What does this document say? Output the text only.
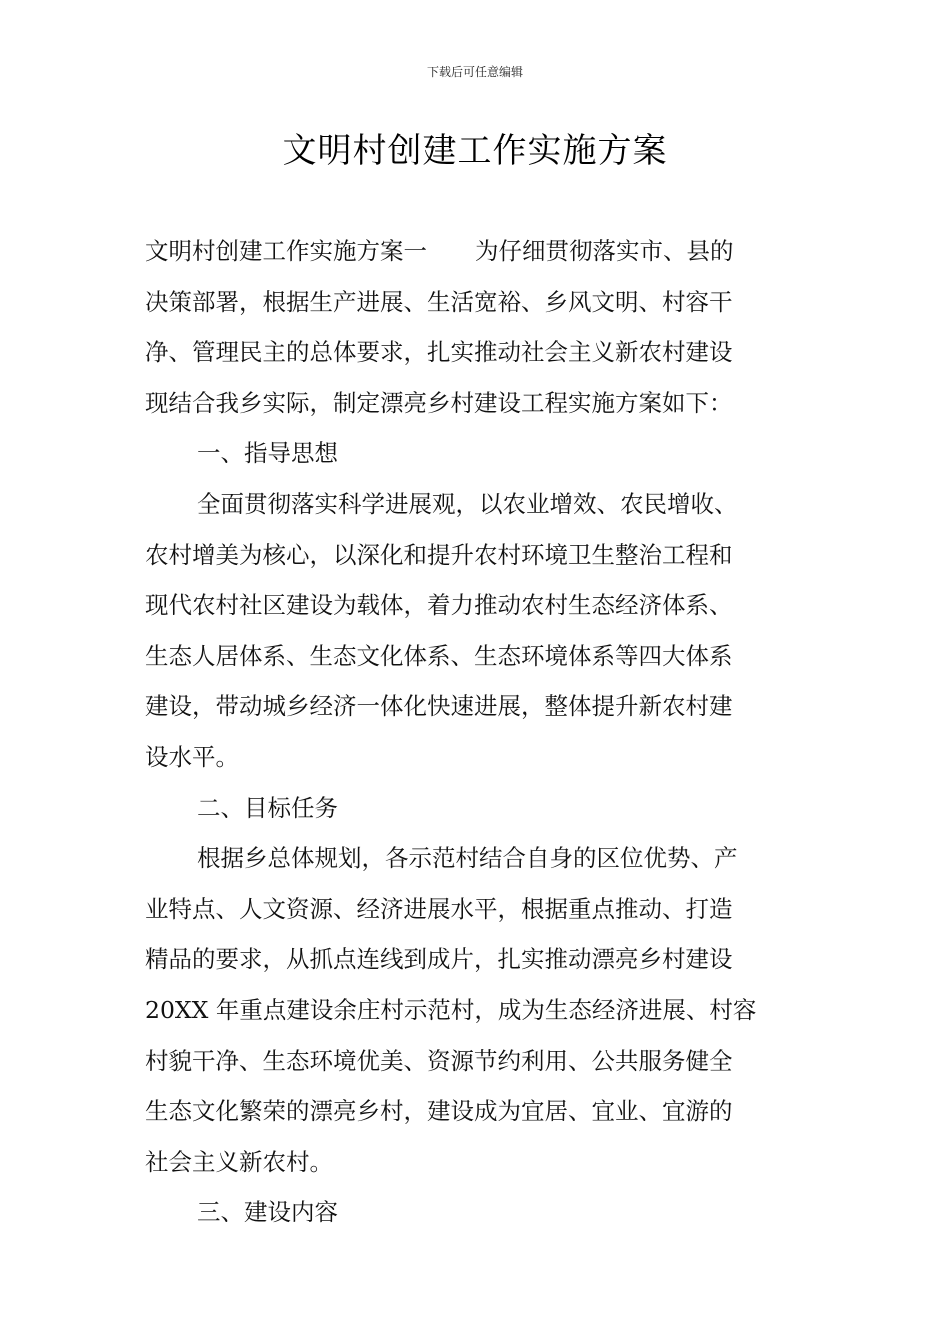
下载后可任意编辑
文明村创建工作实施方案
文明村创建工作实施方案一 为仔细贯彻落实市、县的
决策部署，根据生产进展、生活宽裕、乡风文明、村容干
净、管理民主的总体要求，扎实推动社会主义新农村建设
现结合我乡实际，制定漂亮乡村建设工程实施方案如下：
一、指导思想
全面贯彻落实科学进展观，以农业增效、农民增收、
农村增美为核心，以深化和提升农村环境卫生整治工程和
现代农村社区建设为载体，着力推动农村生态经济体系、
生态人居体系、生态文化体系、生态环境体系等四大体系
建设，带动城乡经济一体化快速进展，整体提升新农村建
设水平。
二、目标任务
根据乡总体规划，各示范村结合自身的区位优势、产
业特点、人文资源、经济进展水平，根据重点推动、打造
精品的要求，从抓点连线到成片，扎实推动漂亮乡村建设
20XX 年重点建设余庄村示范村，成为生态经济进展、村容
村貌干净、生态环境优美、资源节约利用、公共服务健全
生态文化繁荣的漂亮乡村，建设成为宜居、宜业、宜游的
社会主义新农村。
三、建设内容
